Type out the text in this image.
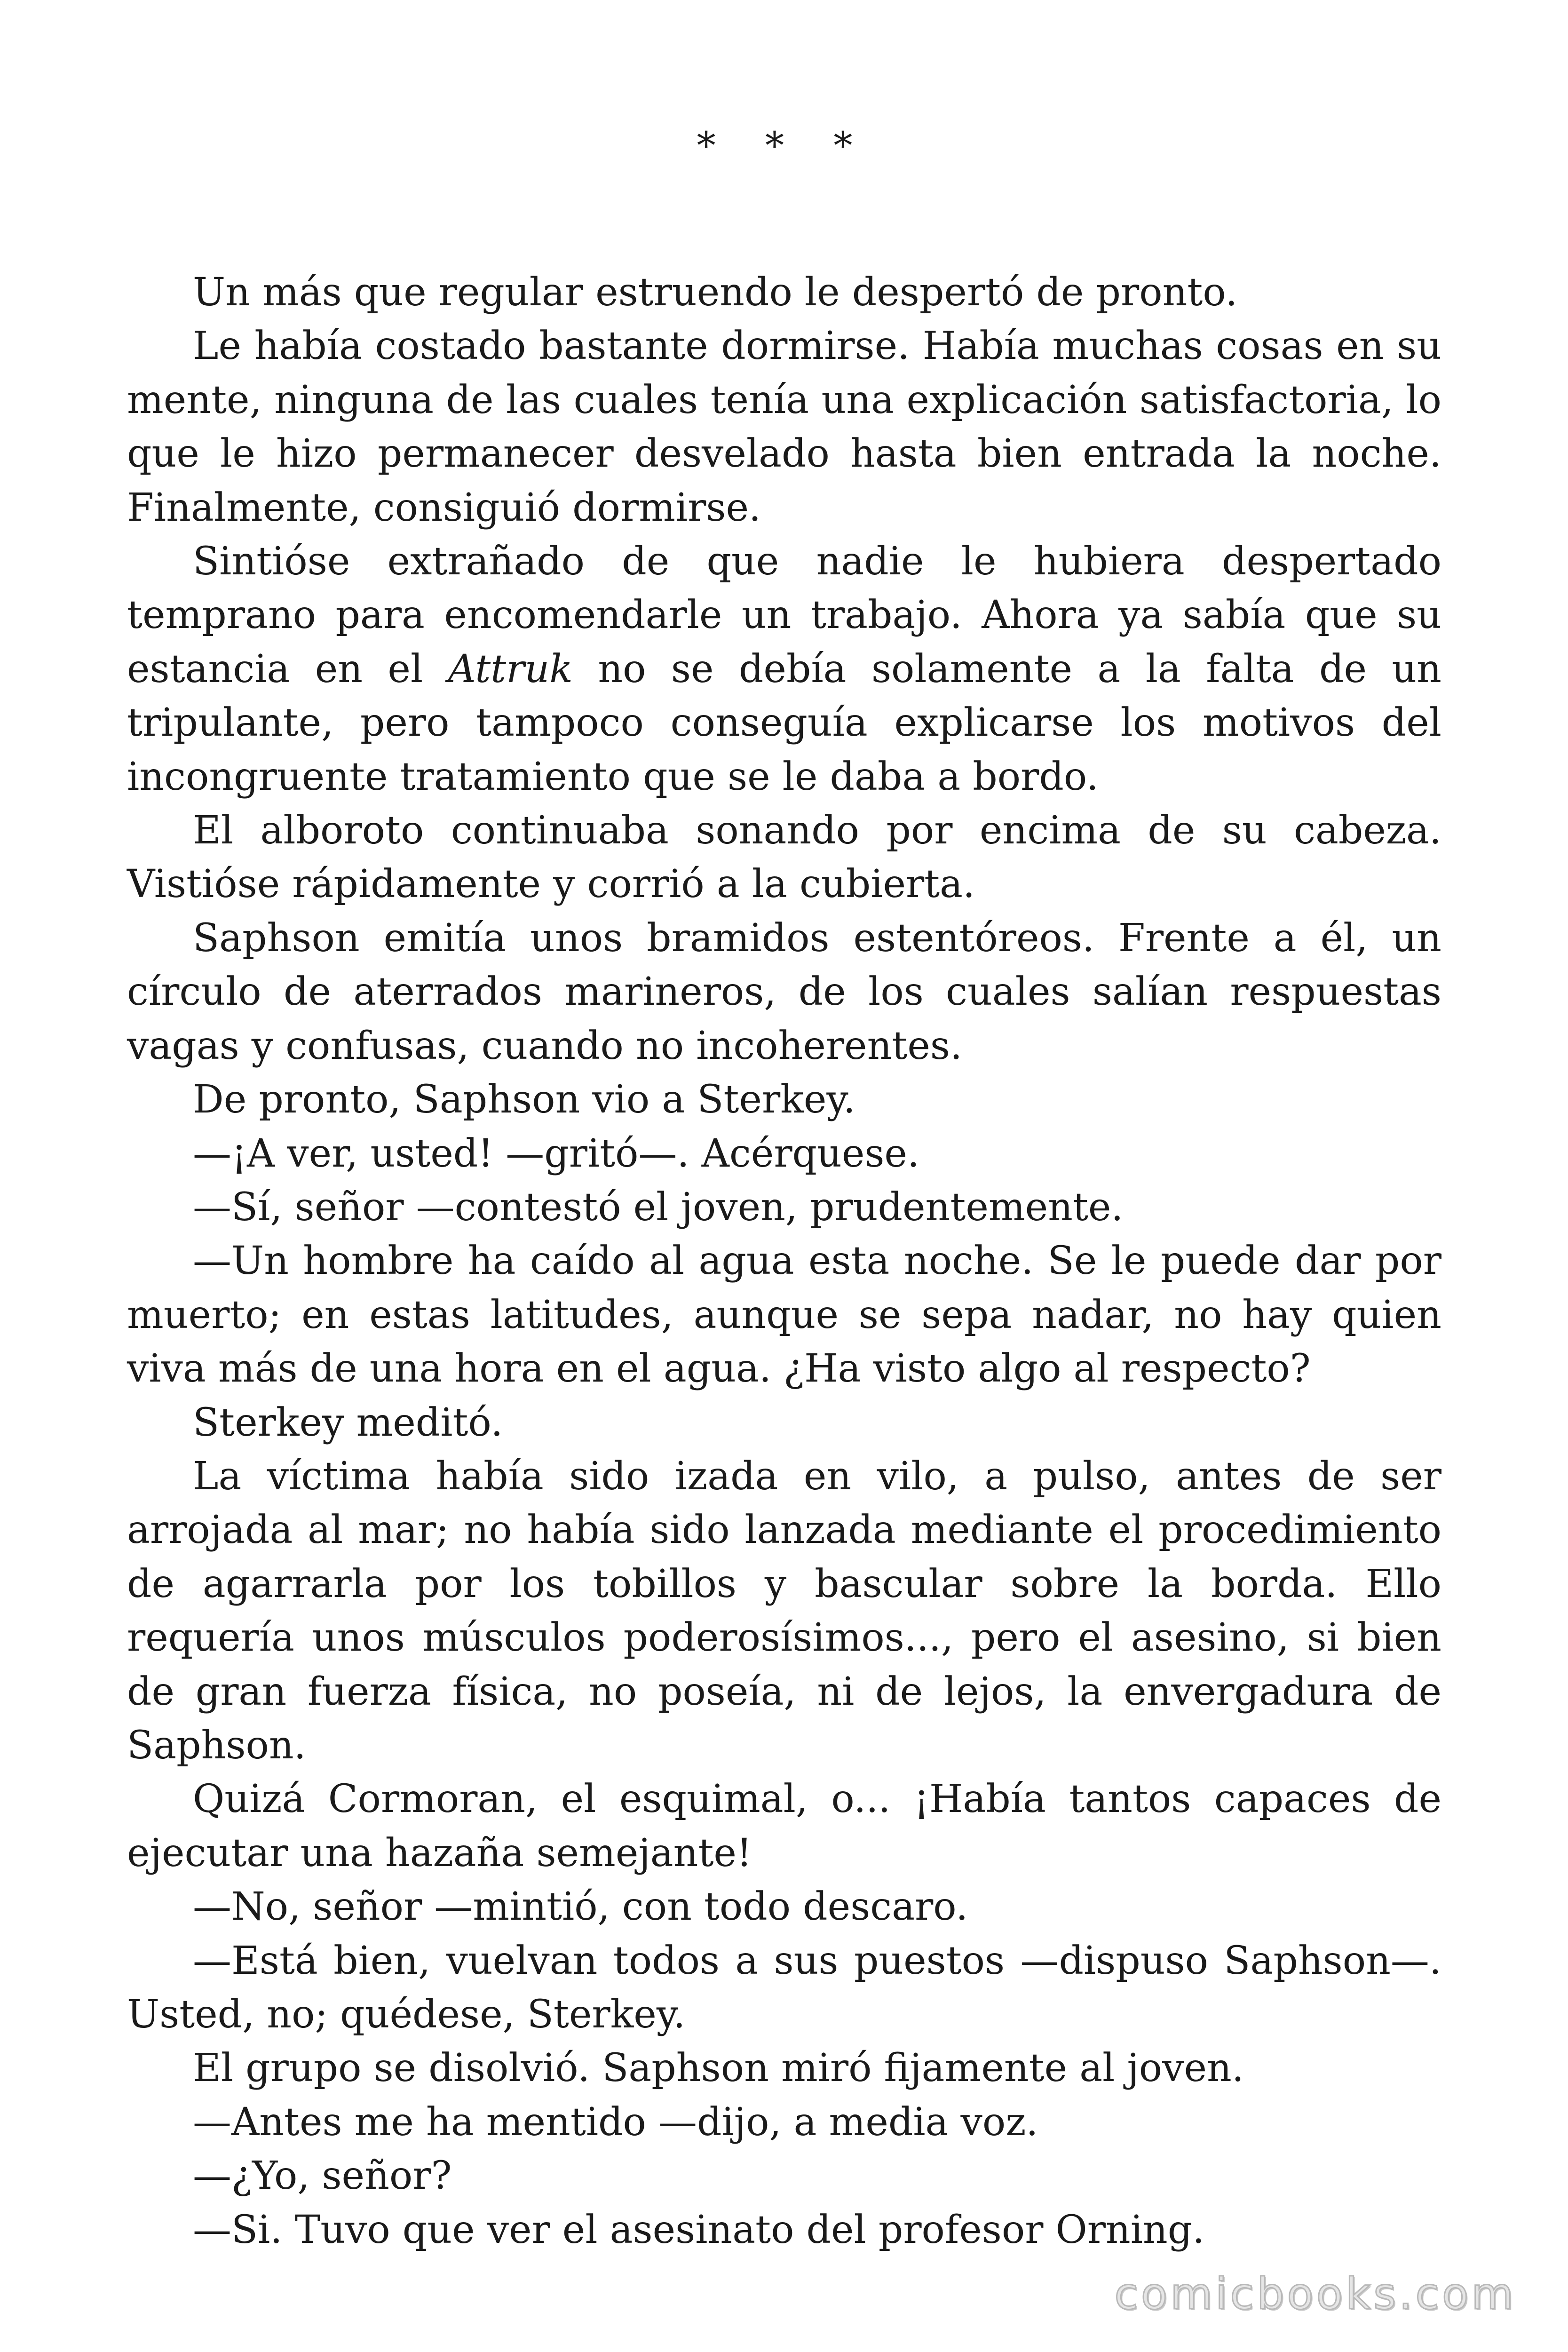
* * *

Un más que regular estruendo le despertó de pronto.

Le había costado bastante dormirse. Había muchas cosas en su mente, ninguna de las cuales tenía una explicación satisfactoria, lo que le hizo permanecer desvelado hasta bien entrada la noche. Finalmente, consiguió dormirse.

Sintióse extrañado de que nadie le hubiera despertado temprano para encomendarle un trabajo. Ahora ya sabía que su estancia en el Attruk no se debía solamente a la falta de un tripulante, pero tampoco conseguía explicarse los motivos del incongruente tratamiento que se le daba a bordo.

El alboroto continuaba sonando por encima de su cabeza. Vistióse rápidamente y corrió a la cubierta.

Saphson emitía unos bramidos estentóreos. Frente a él, un círculo de aterrados marineros, de los cuales salían respuestas vagas y confusas, cuando no incoherentes.

De pronto, Saphson vio a Sterkey.

—¡A ver, usted! —gritó—. Acérquese.

—Sí, señor —contestó el joven, prudentemente.

—Un hombre ha caído al agua esta noche. Se le puede dar por muerto; en estas latitudes, aunque se sepa nadar, no hay quien viva más de una hora en el agua. ¿Ha visto algo al respecto?

Sterkey meditó.

La víctima había sido izada en vilo, a pulso, antes de ser arrojada al mar; no había sido lanzada mediante el procedimiento de agarrarla por los tobillos y bascular sobre la borda. Ello requería unos músculos poderosísimos..., pero el asesino, si bien de gran fuerza física, no poseía, ni de lejos, la envergadura de Saphson.

Quizá Cormoran, el esquimal, o... ¡Había tantos capaces de ejecutar una hazaña semejante!

—No, señor —mintió, con todo descaro.

—Está bien, vuelvan todos a sus puestos —dispuso Saphson—. Usted, no; quédese, Sterkey.

El grupo se disolvió. Saphson miró fijamente al joven.

—Antes me ha mentido —dijo, a media voz.

—¿Yo, señor?

—Si. Tuvo que ver el asesinato del profesor Orning.

comicbooks.com
